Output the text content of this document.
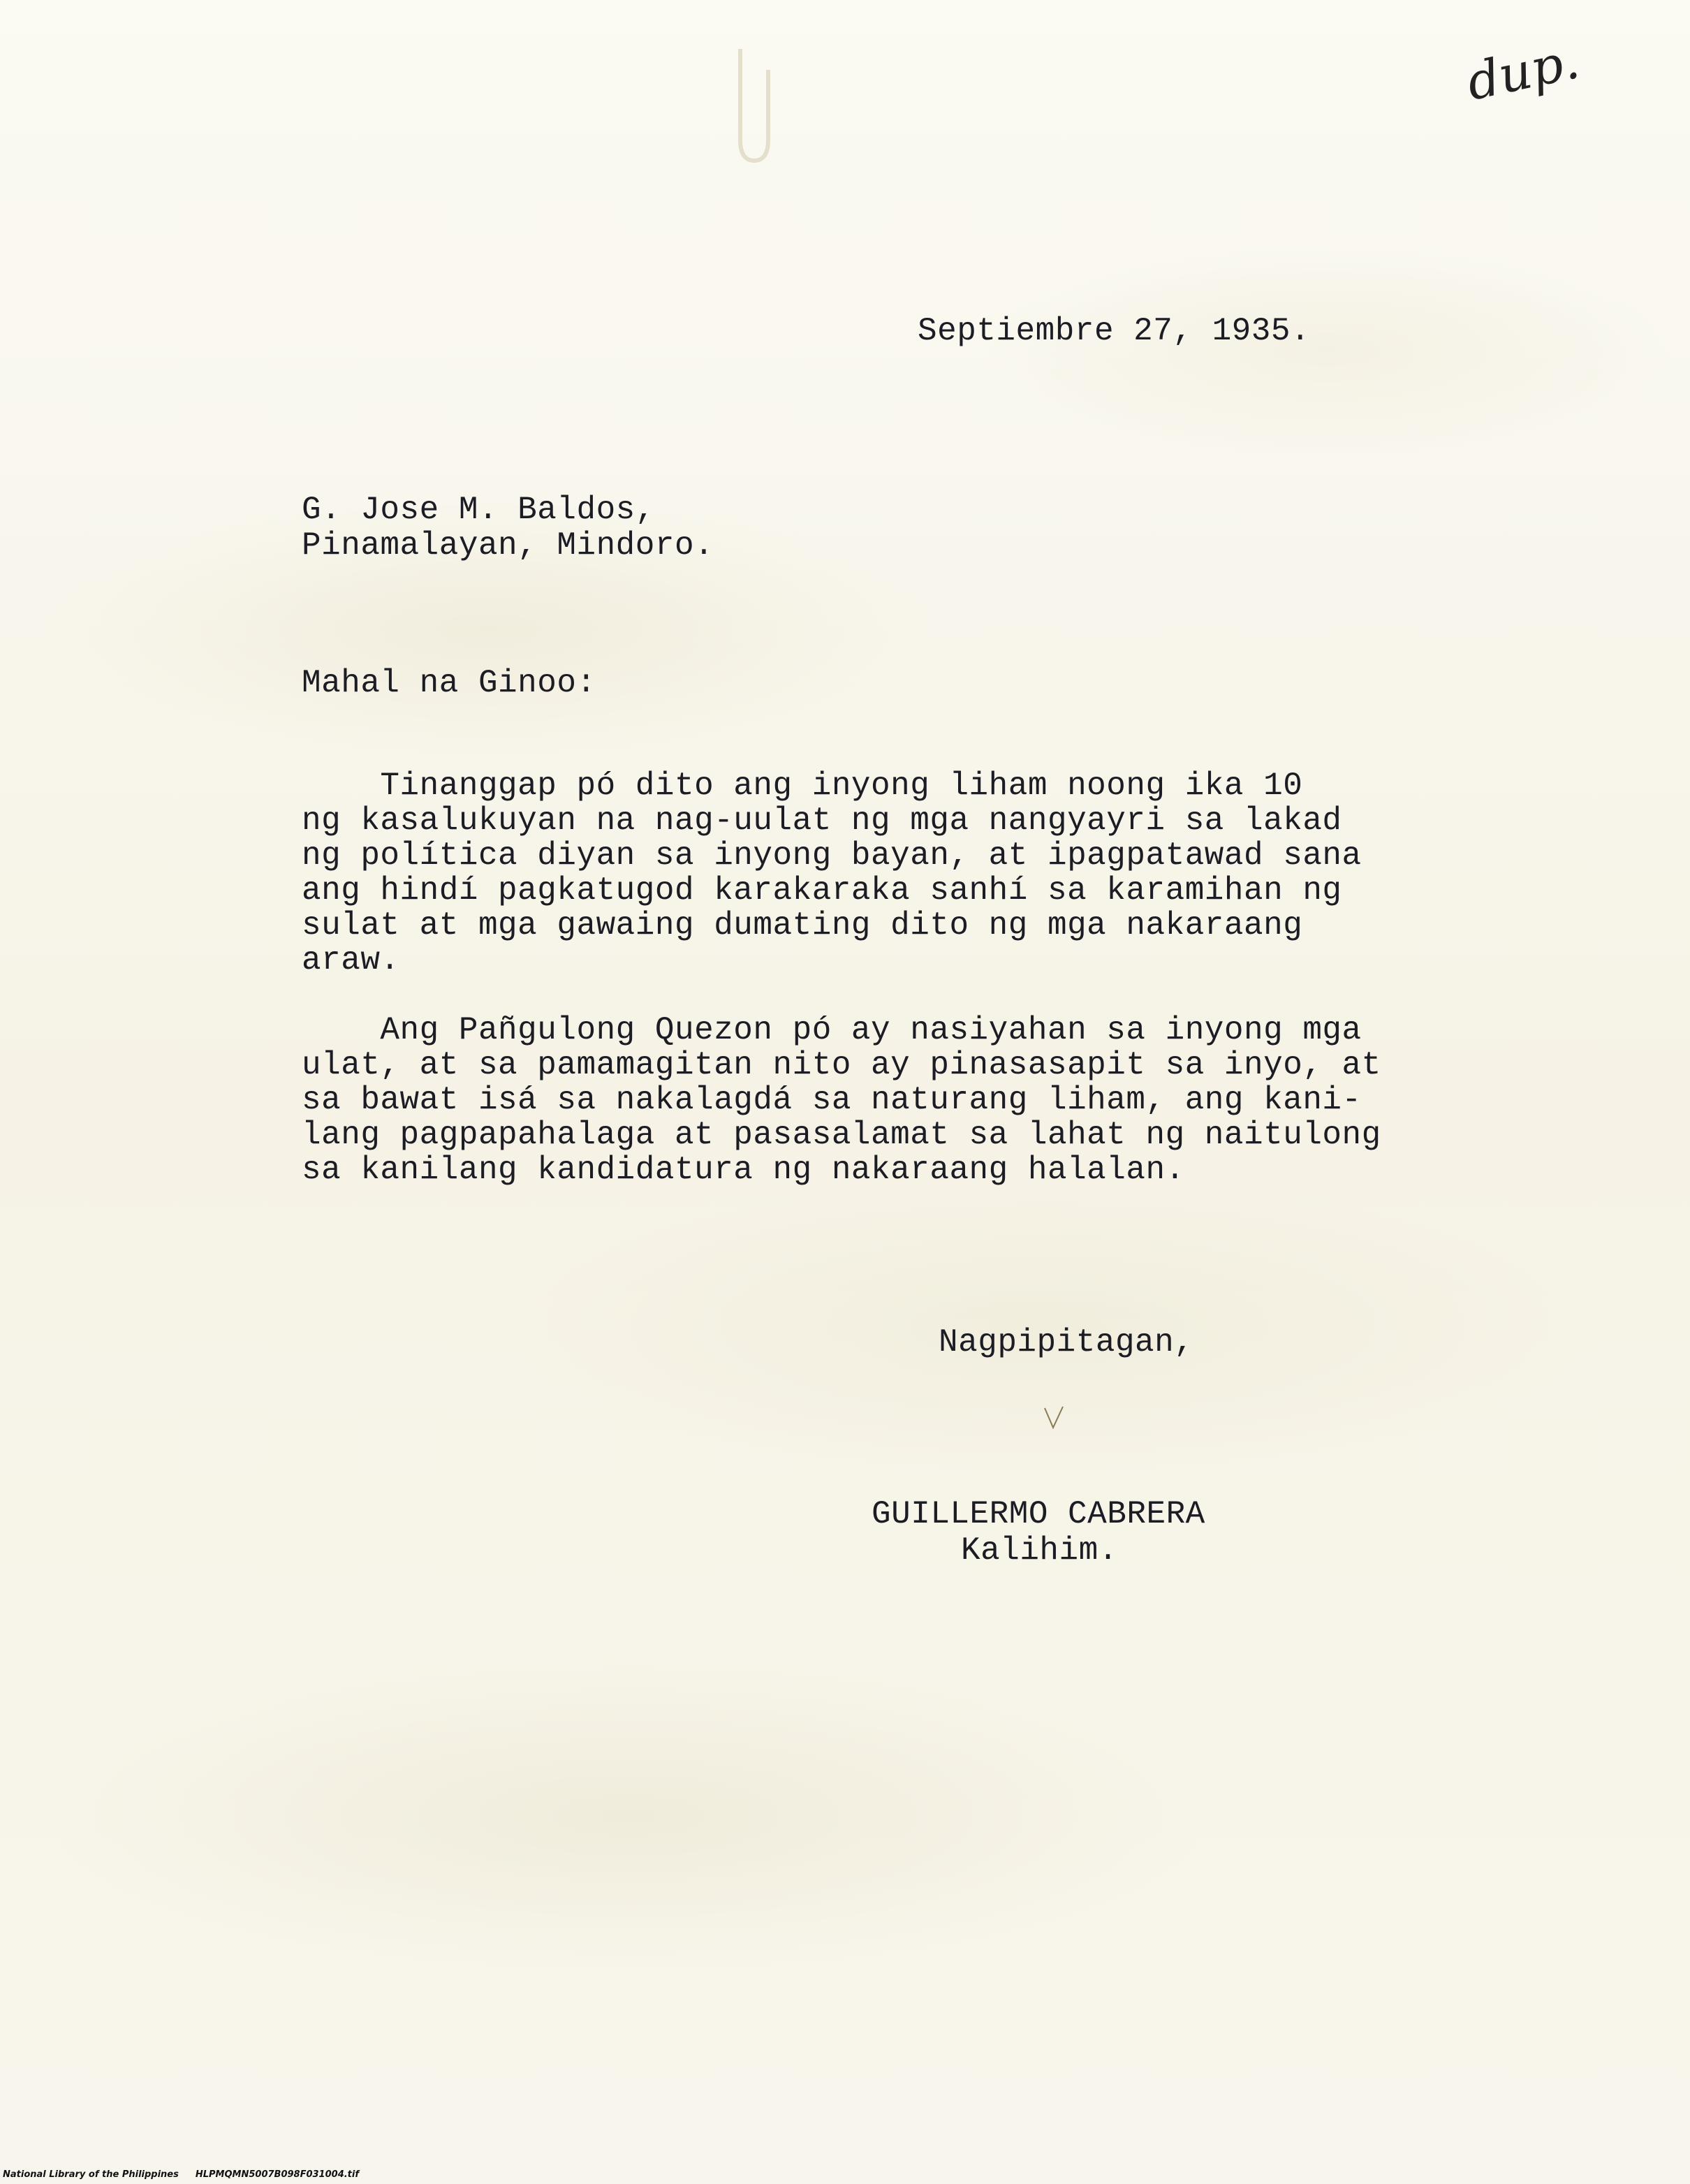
dup.
Septiembre 27, 1935.
G. Jose M. Baldos,
Pinamalayan, Mindoro.
Mahal na Ginoo:
Tinanggap pó dito ang inyong liham noong ika 10
ng kasalukuyan na nag-uulat ng mga nangyayri sa lakad
ng política diyan sa inyong bayan, at ipagpatawad sana
ang hindí pagkatugod karakaraka sanhí sa karamihan ng
sulat at mga gawaing dumating dito ng mga nakaraang
araw.
Ang Pañgulong Quezon pó ay nasiyahan sa inyong mga
ulat, at sa pamamagitan nito ay pinasasapit sa inyo, at
sa bawat isá sa nakalagdá sa naturang liham, ang kani-
lang pagpapahalaga at pasasalamat sa lahat ng naitulong
sa kanilang kandidatura ng nakaraang halalan.
Nagpipitagan,
GUILLERMO CABRERA
Kalihim.
National Library of the Philippines HLPMQMN5007B098F031004.tif
